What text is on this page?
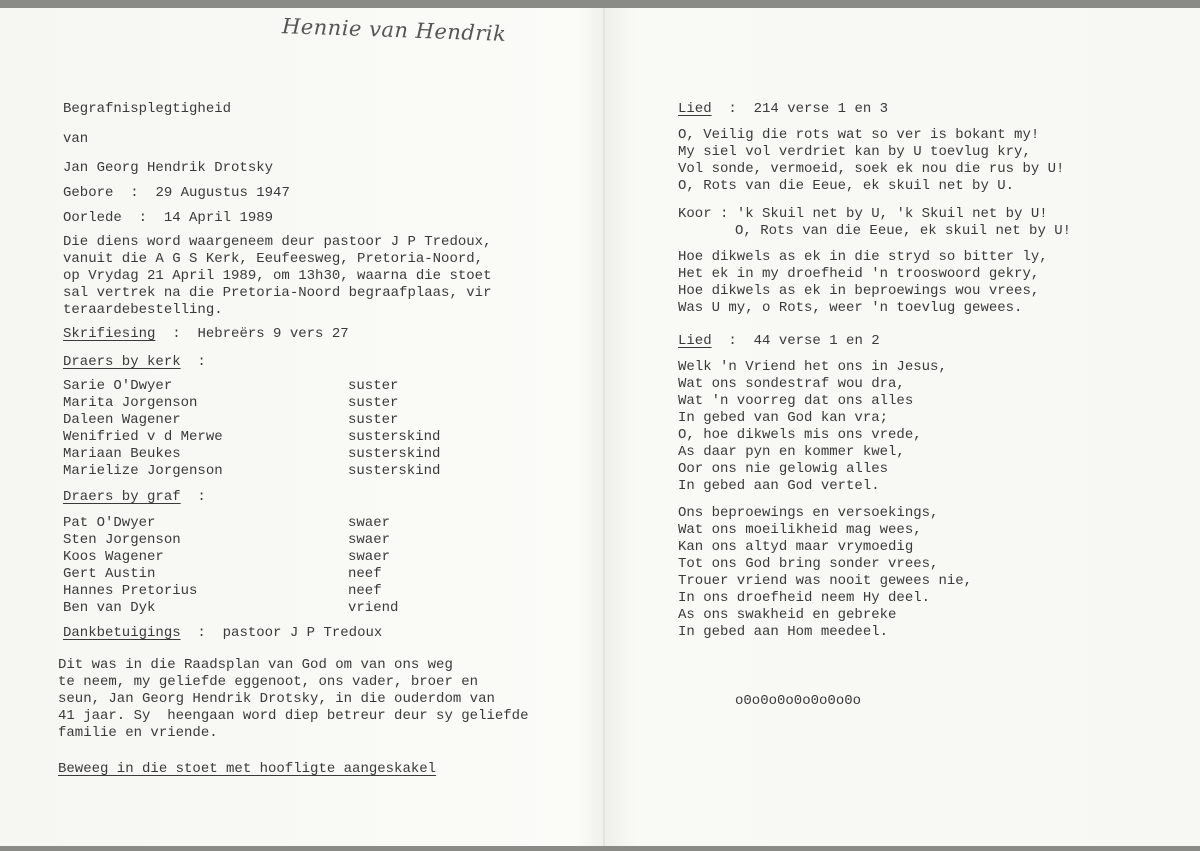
Hennie van Hendrik
Begrafnisplegtigheid
van
Jan Georg Hendrik Drotsky
Gebore  :  29 Augustus 1947
Oorlede  :  14 April 1989
Die diens word waargeneem deur pastoor J P Tredoux,
vanuit die A G S Kerk, Eeufeesweg, Pretoria-Noord,
op Vrydag 21 April 1989, om 13h30, waarna die stoet
sal vertrek na die Pretoria-Noord begraafplaas, vir
teraardebestelling.
Skrifiesing  :  Hebreërs 9 vers 27
Draers by kerk  :
Sarie O'Dwyer	suster
Marita Jorgenson	suster
Daleen Wagener	suster
Wenifried v d Merwe	susterskind
Mariaan Beukes	susterskind
Marielize Jorgenson	susterskind
Draers by graf  :
Pat O'Dwyer	swaer
Sten Jorgenson	swaer
Koos Wagener	swaer
Gert Austin	neef
Hannes Pretorius	neef
Ben van Dyk	vriend
Dankbetuigings  :  pastoor J P Tredoux
Dit was in die Raadsplan van God om van ons weg
te neem, my geliefde eggenoot, ons vader, broer en
seun, Jan Georg Hendrik Drotsky, in die ouderdom van
41 jaar. Sy  heengaan word diep betreur deur sy geliefde
familie en vriende.
Beweeg in die stoet met hoofligte aangeskakel
Lied  :  214 verse 1 en 3
O, Veilig die rots wat so ver is bokant my!
My siel vol verdriet kan by U toevlug kry,
Vol sonde, vermoeid, soek ek nou die rus by U!
O, Rots van die Eeue, ek skuil net by U.
Koor : 'k Skuil net by U, 'k Skuil net by U!
O, Rots van die Eeue, ek skuil net by U!
Hoe dikwels as ek in die stryd so bitter ly,
Het ek in my droefheid 'n trooswoord gekry,
Hoe dikwels as ek in beproewings wou vrees,
Was U my, o Rots, weer 'n toevlug gewees.
Lied  :  44 verse 1 en 2
Welk 'n Vriend het ons in Jesus,
Wat ons sondestraf wou dra,
Wat 'n voorreg dat ons alles
In gebed van God kan vra;
O, hoe dikwels mis ons vrede,
As daar pyn en kommer kwel,
Oor ons nie gelowig alles
In gebed aan God vertel.
Ons beproewings en versoekings,
Wat ons moeilikheid mag wees,
Kan ons altyd maar vrymoedig
Tot ons God bring sonder vrees,
Trouer vriend was nooit gewees nie,
In ons droefheid neem Hy deel.
As ons swakheid en gebreke
In gebed aan Hom meedeel.
o0o0o0o0o0o0o0o
